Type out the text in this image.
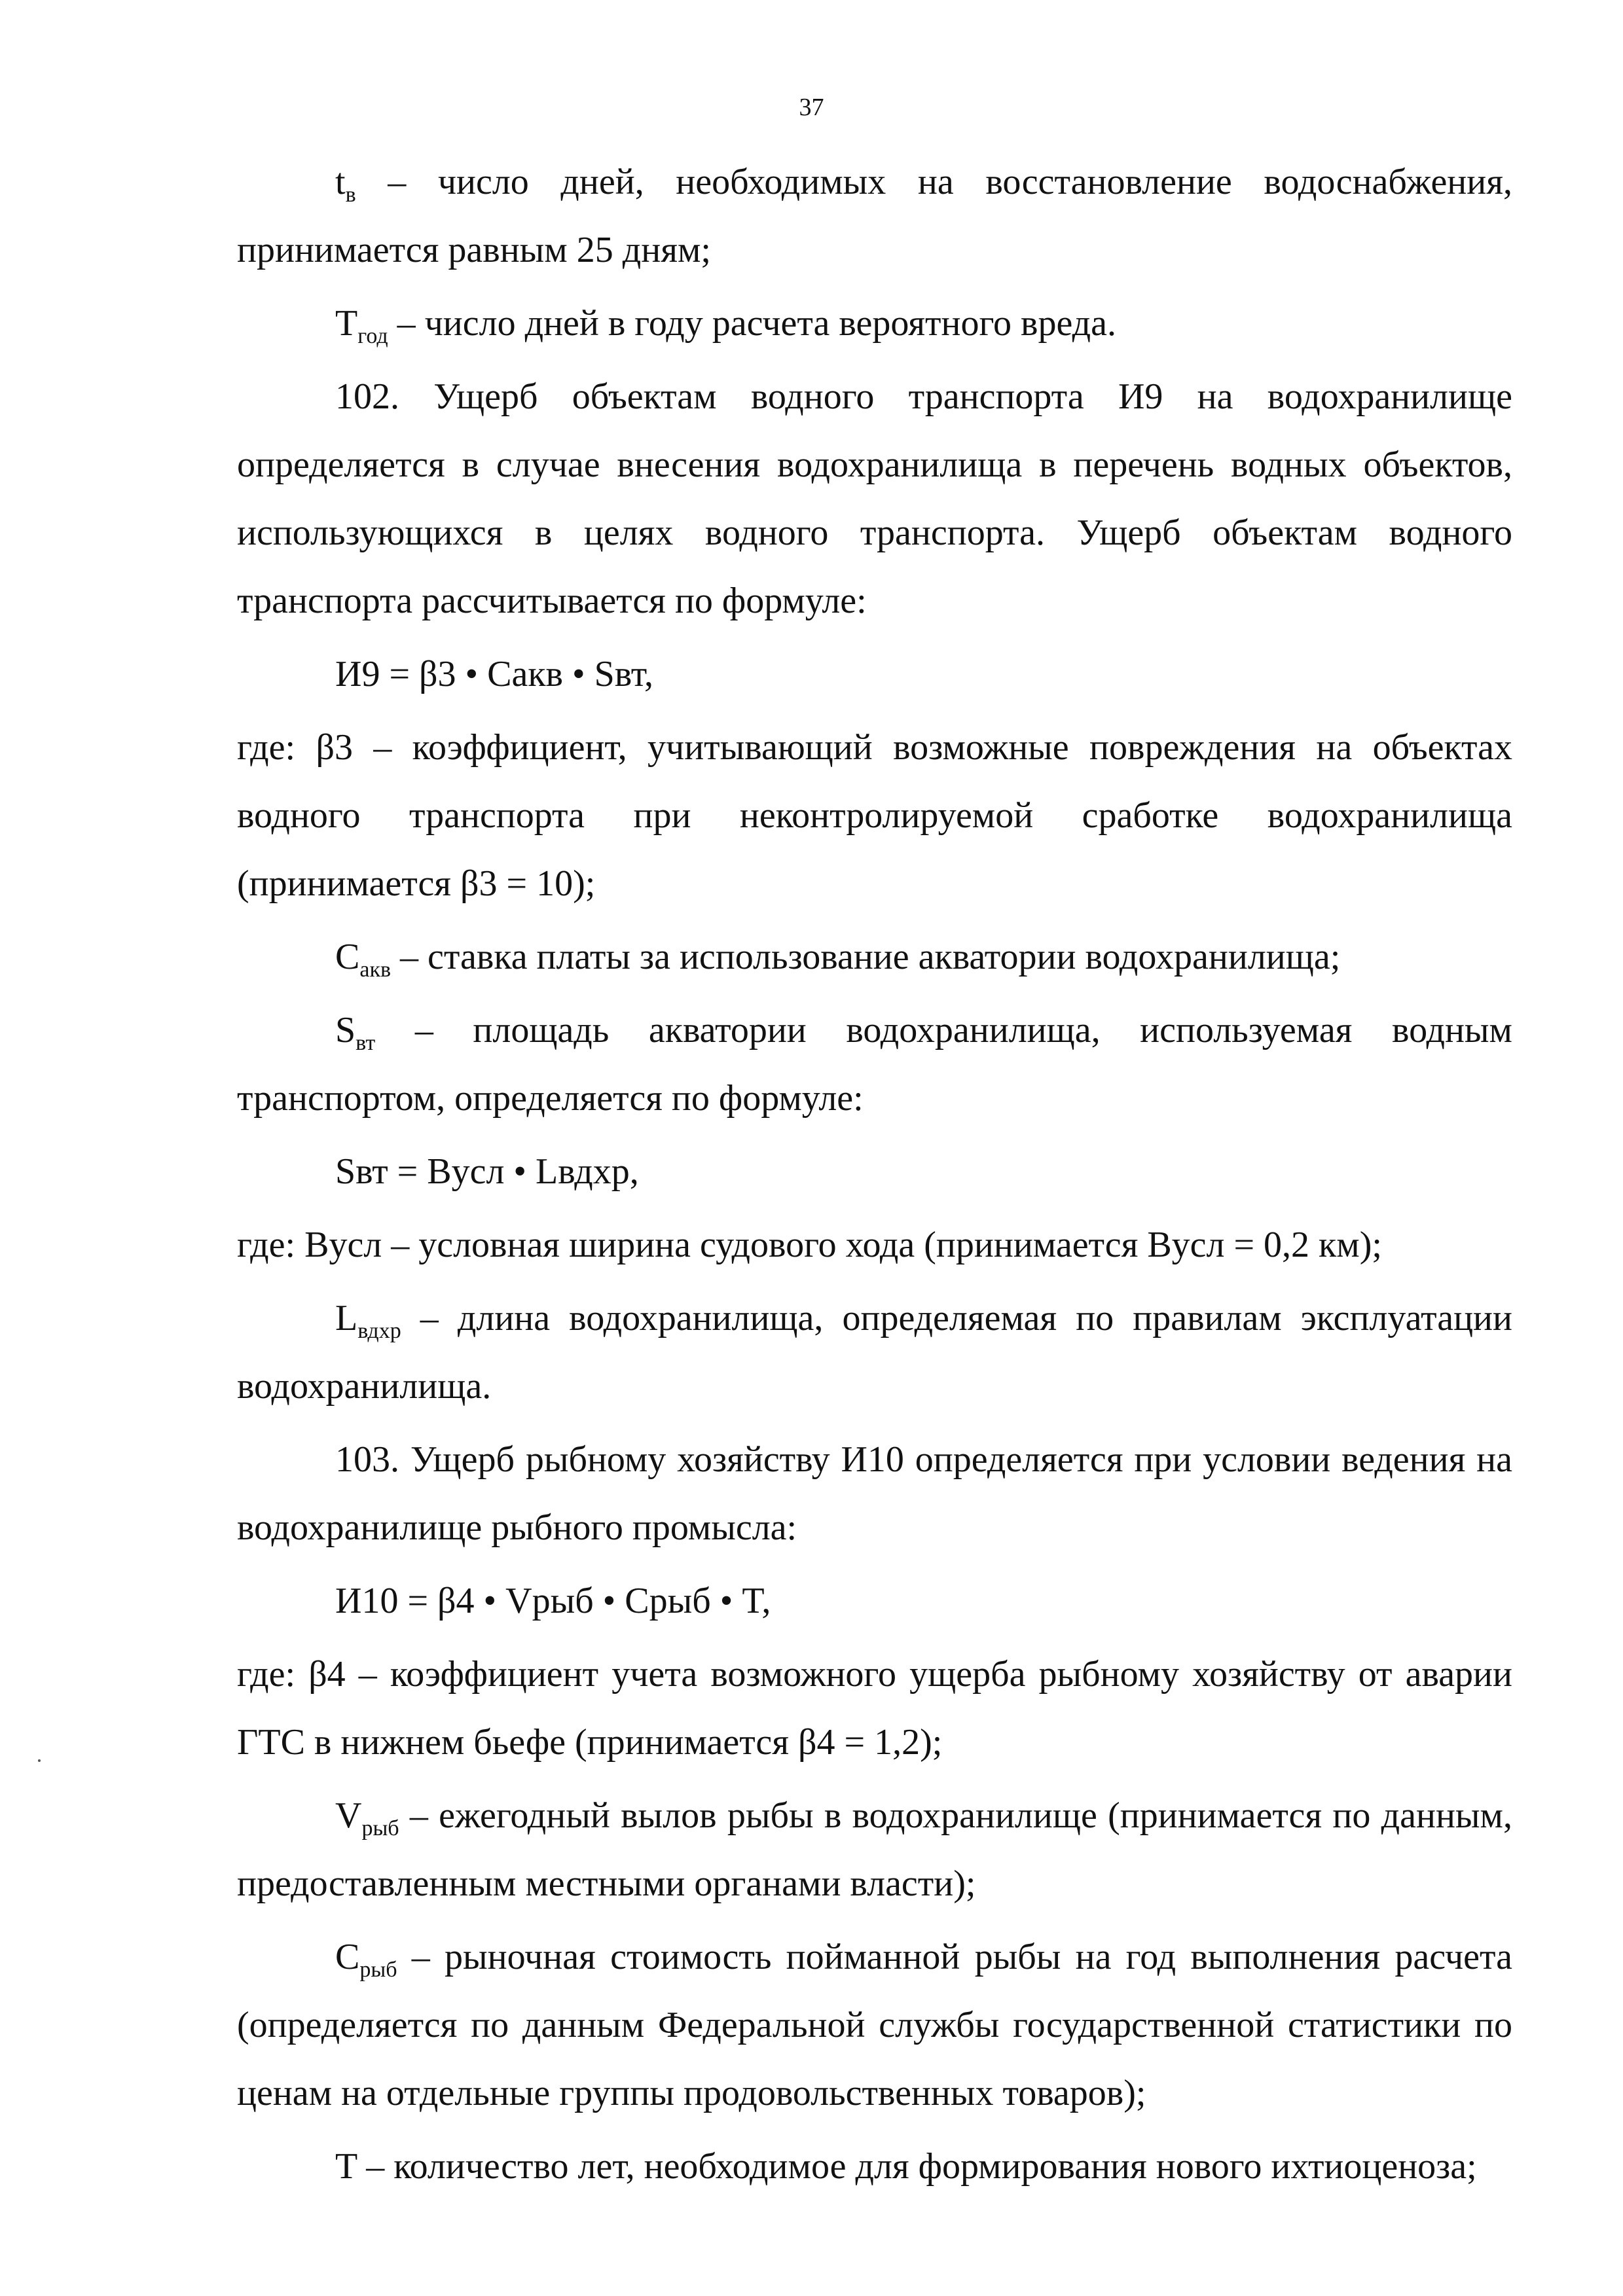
37

$t_в$ – число дней, необходимых на восстановление водоснабжения, принимается равным 25 дням;

$T_{год}$ – число дней в году расчета вероятного вреда.

102. Ущерб объектам водного транспорта И9 на водохранилище определяется в случае внесения водохранилища в перечень водных объектов, использующихся в целях водного транспорта. Ущерб объектам водного транспорта рассчитывается по формуле:

И9 = β3 • Cакв • Sвт,

где: β3 – коэффициент, учитывающий возможные повреждения на объектах водного транспорта при неконтролируемой сработке водохранилища (принимается β3 = 10);

$C_{акв}$ – ставка платы за использование акватории водохранилища;

$S_{вт}$ – площадь акватории водохранилища, используемая водным транспортом, определяется по формуле:

Sвт = Bусл • Lвдхр,

где: Bусл – условная ширина судового хода (принимается Bусл = 0,2 км);

$L_{вдхр}$ – длина водохранилища, определяемая по правилам эксплуатации водохранилища.

103. Ущерб рыбному хозяйству И10 определяется при условии ведения на водохранилище рыбного промысла:

И10 = β4 • Vрыб • Cрыб • T,

где: β4 – коэффициент учета возможного ущерба рыбному хозяйству от аварии ГТС в нижнем бьефе (принимается β4 = 1,2);

$V_{рыб}$ – ежегодный вылов рыбы в водохранилище (принимается по данным, предоставленным местными органами власти);

$C_{рыб}$ – рыночная стоимость пойманной рыбы на год выполнения расчета (определяется по данным Федеральной службы государственной статистики по ценам на отдельные группы продовольственных товаров);

T – количество лет, необходимое для формирования нового ихтиоценоза;
